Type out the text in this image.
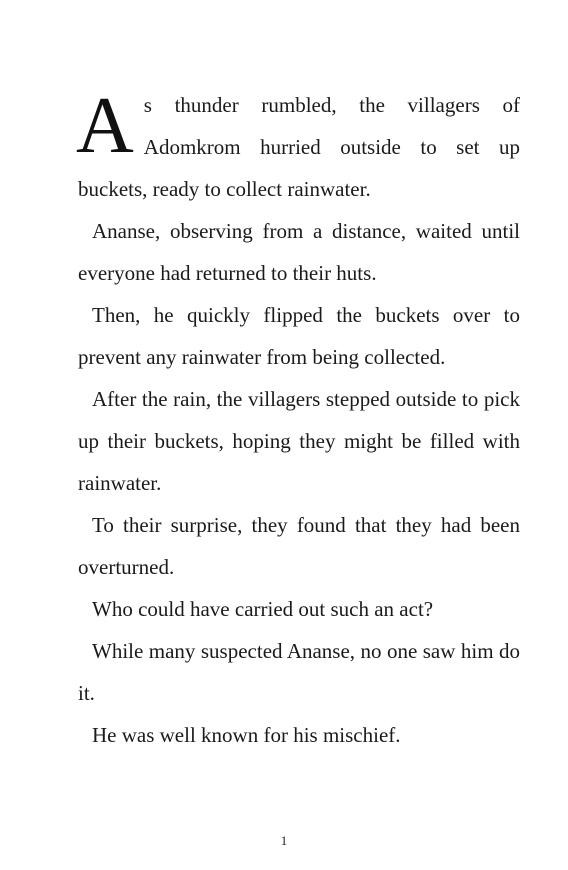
As thunder rumbled, the villagers of Adomkrom hurried outside to set up buckets, ready to collect rainwater.

Ananse, observing from a distance, waited until everyone had returned to their huts.

Then, he quickly flipped the buckets over to prevent any rainwater from being collected.

After the rain, the villagers stepped outside to pick up their buckets, hoping they might be filled with rainwater.

To their surprise, they found that they had been overturned.

Who could have carried out such an act?

While many suspected Ananse, no one saw him do it.

He was well known for his mischief.

1
